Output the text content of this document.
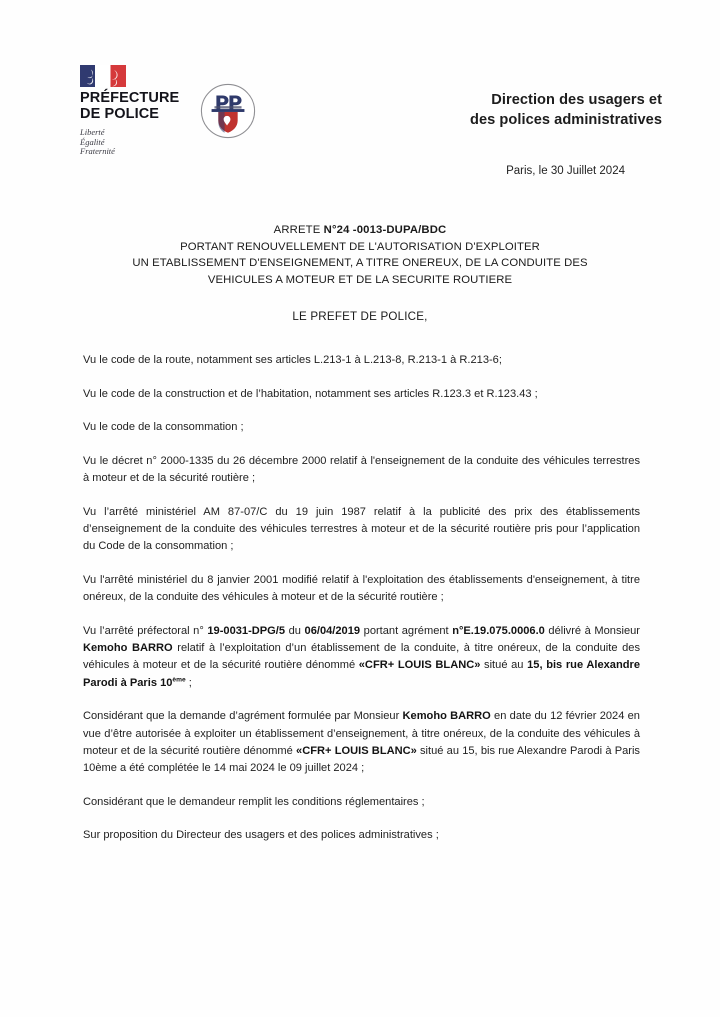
PRÉFECTURE
DE POLICE
Liberté
Égalité
Fraternité
Direction des usagers et
des polices administratives
Paris, le 30 Juillet 2024
ARRETE N°24 -0013-DUPA/BDC
PORTANT RENOUVELLEMENT DE L'AUTORISATION D'EXPLOITER
UN ETABLISSEMENT D'ENSEIGNEMENT, A TITRE ONEREUX, DE LA CONDUITE DES
VEHICULES A MOTEUR ET DE LA SECURITE ROUTIERE
LE PREFET DE POLICE,

Vu le code de la route, notamment ses articles L.213-1 à L.213-8, R.213-1 à R.213-6;

Vu le code de la construction et de l’habitation, notamment ses articles R.123.3 et R.123.43 ;

Vu le code de la consommation ;

Vu le décret n° 2000-1335 du 26 décembre 2000 relatif à l'enseignement de la conduite des véhicules terrestres à moteur et de la sécurité routière ;

Vu l’arrêté ministériel AM 87-07/C du 19 juin 1987 relatif à la publicité des prix des établissements d’enseignement de la conduite des véhicules terrestres à moteur et de la sécurité routière pris pour l’application du Code de la consommation ;

Vu l'arrêté ministériel du 8 janvier 2001 modifié relatif à l'exploitation des établissements d'enseignement, à titre onéreux, de la conduite des véhicules à moteur et de la sécurité routière ;

Vu l’arrêté préfectoral n° 19-0031-DPG/5 du 06/04/2019 portant agrément n°E.19.075.0006.0 délivré à Monsieur Kemoho BARRO relatif à l’exploitation d’un établissement de la conduite, à titre onéreux, de la conduite des véhicules à moteur et de la sécurité routière dénommé «CFR+ LOUIS BLANC» situé au 15, bis rue Alexandre Parodi à Paris 10ème ;

Considérant que la demande d’agrément formulée par Monsieur Kemoho BARRO en date du 12 février 2024 en vue d’être autorisée à exploiter un établissement d’enseignement, à titre onéreux, de la conduite des véhicules à moteur et de la sécurité routière dénommé «CFR+ LOUIS BLANC» situé au 15, bis rue Alexandre Parodi à Paris 10ème a été complétée le 14 mai 2024 le 09 juillet 2024 ;

Considérant que le demandeur remplit les conditions réglementaires ;

Sur proposition du Directeur des usagers et des polices administratives ;
